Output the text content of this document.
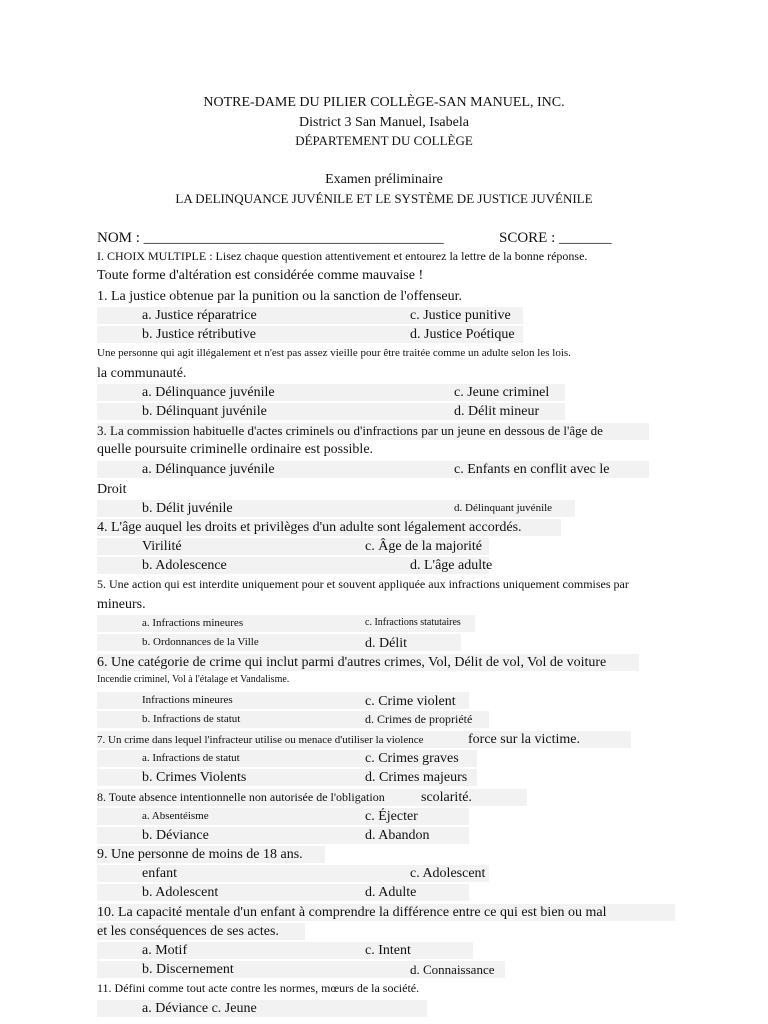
NOTRE-DAME DU PILIER COLLÈGE-SAN MANUEL, INC.
District 3 San Manuel, Isabela
DÉPARTEMENT DU COLLÈGE
Examen préliminaire
LA DELINQUANCE JUVÉNILE ET LE SYSTÈME DE JUSTICE JUVÉNILE
NOM : ________________________________________	SCORE : _______
I. CHOIX MULTIPLE : Lisez chaque question attentivement et entourez la lettre de la bonne réponse.
Toute forme d'altération est considérée comme mauvaise !
1. La justice obtenue par la punition ou la sanction de l'offenseur.
a. Justice réparatrice	c. Justice punitive
b. Justice rétributive	d. Justice Poétique
Une personne qui agit illégalement et n'est pas assez vieille pour être traitée comme un adulte selon les lois.
la communauté.
a. Délinquance juvénile	c. Jeune criminel
b. Délinquant juvénile	d. Délit mineur
3. La commission habituelle d'actes criminels ou d'infractions par un jeune en dessous de l'âge de
quelle poursuite criminelle ordinaire est possible.
a. Délinquance juvénile	c. Enfants en conflit avec le
Droit
b. Délit juvénile	d. Délinquant juvénile
4. L'âge auquel les droits et privilèges d'un adulte sont légalement accordés.
Virilité	c. Âge de la majorité
b. Adolescence	d. L'âge adulte
5. Une action qui est interdite uniquement pour et souvent appliquée aux infractions uniquement commises par
mineurs.
a. Infractions mineures	c. Infractions statutaires
b. Ordonnances de la Ville	d. Délit
6. Une catégorie de crime qui inclut parmi d'autres crimes, Vol, Délit de vol, Vol de voiture
Incendie criminel, Vol à l'étalage et Vandalisme.
Infractions mineures	c. Crime violent
b. Infractions de statut	d. Crimes de propriété
7. Un crime dans lequel l'infracteur utilise ou menace d'utiliser la violence	force sur la victime.
a. Infractions de statut	c. Crimes graves
b. Crimes Violents	d. Crimes majeurs
8. Toute absence intentionnelle non autorisée de l'obligation	scolarité.
a. Absentéisme	c. Éjecter
b. Déviance	d. Abandon
9. Une personne de moins de 18 ans.
enfant	c. Adolescent
b. Adolescent	d. Adulte
10. La capacité mentale d'un enfant à comprendre la différence entre ce qui est bien ou mal
et les conséquences de ses actes.
a. Motif	c. Intent
b. Discernement	d. Connaissance
11. Défini comme tout acte contre les normes, mœurs de la société.
a. Déviance c. Jeune
